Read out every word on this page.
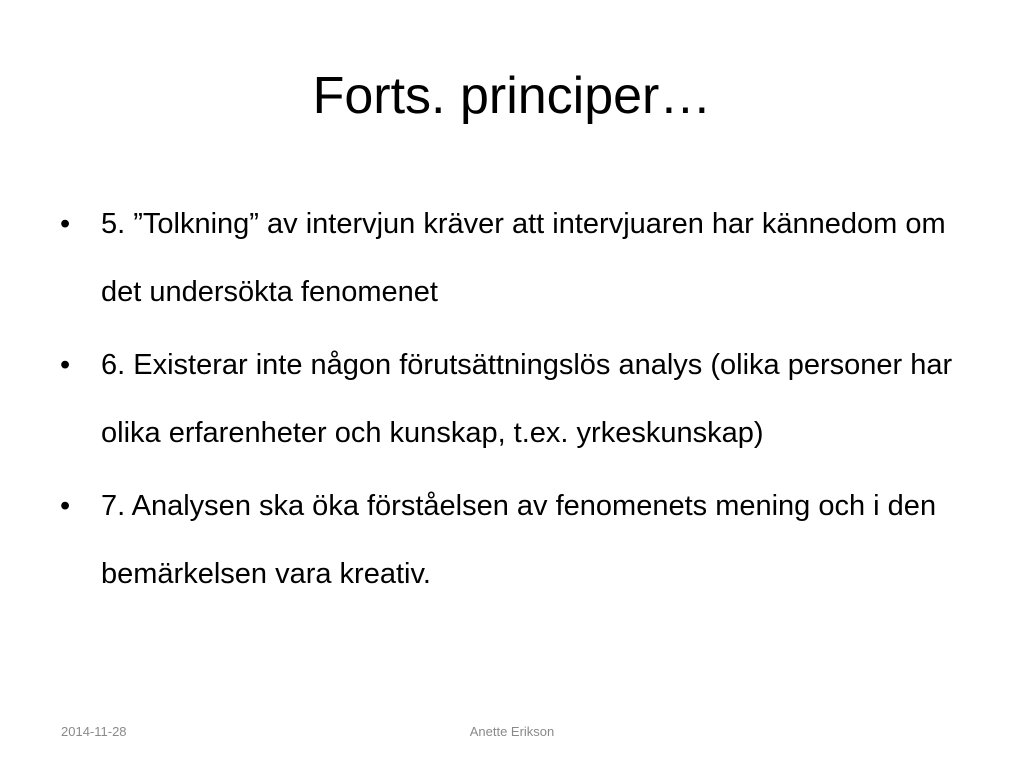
Forts. principer…
•	5. ”Tolkning” av intervjun kräver att intervjuaren har kännedom om det undersökta fenomenet
•	6. Existerar inte någon förutsättningslös analys (olika personer har olika erfarenheter och kunskap, t.ex. yrkeskunskap)
•	7. Analysen ska öka förståelsen av fenomenets mening och i den bemärkelsen vara kreativ.
2014-11-28	Anette Erikson
